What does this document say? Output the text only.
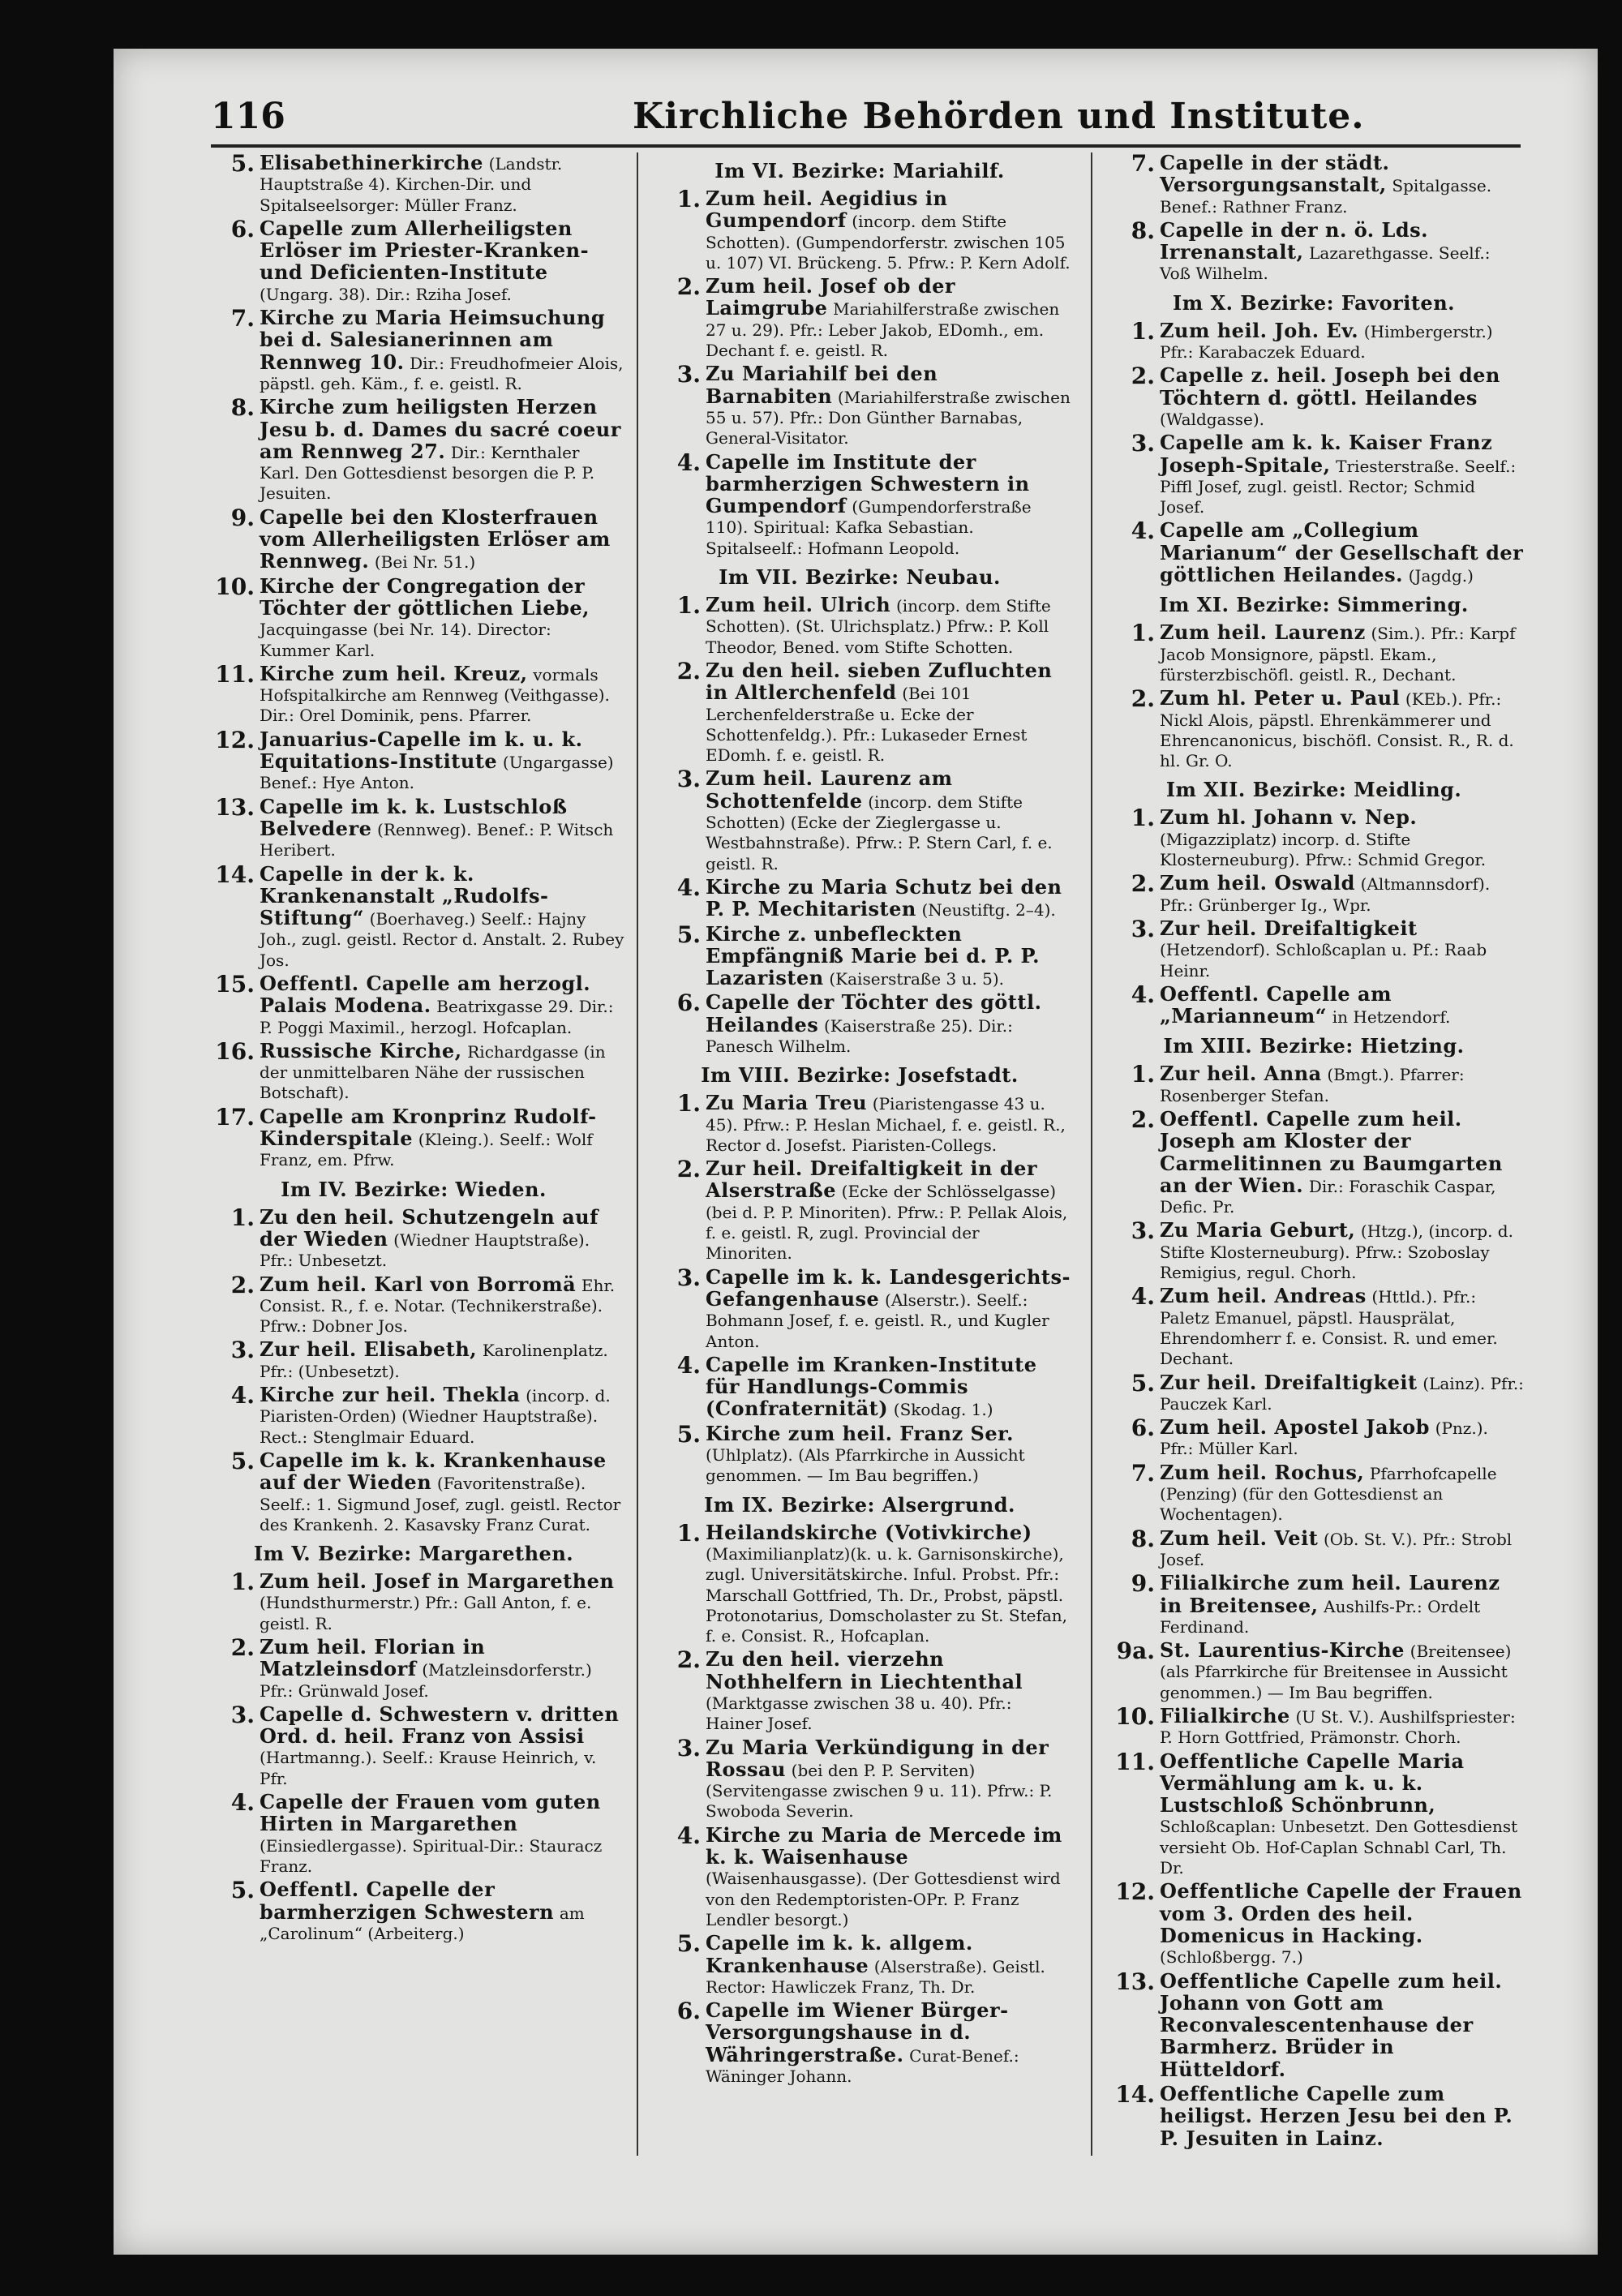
116	Kirchliche Behörden und Institute.
5. Elisabethinerkirche (Landstr. Hauptstraße 4). Kirchen-Dir. und Spitalseelsorger: Müller Franz.
6. Capelle zum Allerheiligsten Erlöser im Priester-Kranken- und Deficienten-Institute (Ungarg. 38). Dir.: Rziha Josef.
7. Kirche zu Maria Heimsuchung bei d. Salesianerinnen am Rennweg 10. Dir.: Freudhofmeier Alois, päpstl. geh. Käm., f. e. geistl. R.
8. Kirche zum heiligsten Herzen Jesu b. d. Dames du sacré coeur am Rennweg 27. Dir.: Kernthaler Karl. Den Gottesdienst besorgen die P. P. Jesuiten.
9. Capelle bei den Klosterfrauen vom Allerheiligsten Erlöser am Rennweg. (Bei Nr. 51.)
10. Kirche der Congregation der Töchter der göttlichen Liebe, Jacquingasse (bei Nr. 14). Director: Kummer Karl.
11. Kirche zum heil. Kreuz, vormals Hofspitalkirche am Rennweg (Veithgasse). Dir.: Orel Dominik, pens. Pfarrer.
12. Januarius-Capelle im k. u. k. Equitations-Institute (Ungargasse) Benef.: Hye Anton.
13. Capelle im k. k. Lustschloß Belvedere (Rennweg). Benef.: P. Witsch Heribert.
14. Capelle in der k. k. Krankenanstalt „Rudolfs-Stiftung“ (Boerhaveg.) Seelf.: Hajny Joh., zugl. geistl. Rector d. Anstalt. 2. Rubey Jos.
15. Oeffentl. Capelle am herzogl. Palais Modena. Beatrixgasse 29. Dir.: P. Poggi Maximil., herzogl. Hofcaplan.
16. Russische Kirche, Richardgasse (in der unmittelbaren Nähe der russischen Botschaft).
17. Capelle am Kronprinz Rudolf-Kinderspitale (Kleing.). Seelf.: Wolf Franz, em. Pfrw.
Im IV. Bezirke: Wieden.
1. Zu den heil. Schutzengeln auf der Wieden (Wiedner Hauptstraße). Pfr.: Unbesetzt.
2. Zum heil. Karl von Borromä Ehr. Consist. R., f. e. Notar. (Technikerstraße). Pfrw.: Dobner Jos.
3. Zur heil. Elisabeth, Karolinenplatz. Pfr.: (Unbesetzt).
4. Kirche zur heil. Thekla (incorp. d. Piaristen-Orden) (Wiedner Hauptstraße). Rect.: Stenglmair Eduard.
5. Capelle im k. k. Krankenhause auf der Wieden (Favoritenstraße). Seelf.: 1. Sigmund Josef, zugl. geistl. Rector des Krankenh. 2. Kasavsky Franz Curat.
Im V. Bezirke: Margarethen.
1. Zum heil. Josef in Margarethen (Hundsthurmerstr.) Pfr.: Gall Anton, f. e. geistl. R.
2. Zum heil. Florian in Matzleinsdorf (Matzleinsdorferstr.) Pfr.: Grünwald Josef.
3. Capelle d. Schwestern v. dritten Ord. d. heil. Franz von Assisi (Hartmanng.). Seelf.: Krause Heinrich, v. Pfr.
4. Capelle der Frauen vom guten Hirten in Margarethen (Einsiedlergasse). Spiritual-Dir.: Stauracz Franz.
5. Oeffentl. Capelle der barmherzigen Schwestern am „Carolinum“ (Arbeiterg.)
Im VI. Bezirke: Mariahilf.
1. Zum heil. Aegidius in Gumpendorf (incorp. dem Stifte Schotten). (Gumpendorferstr. zwischen 105 u. 107) VI. Brückeng. 5. Pfrw.: P. Kern Adolf.
2. Zum heil. Josef ob der Laimgrube Mariahilferstraße zwischen 27 u. 29). Pfr.: Leber Jakob, EDomh., em. Dechant f. e. geistl. R.
3. Zu Mariahilf bei den Barnabiten (Mariahilferstraße zwischen 55 u. 57). Pfr.: Don Günther Barnabas, General-Visitator.
4. Capelle im Institute der barmherzigen Schwestern in Gumpendorf (Gumpendorferstraße 110). Spiritual: Kafka Sebastian. Spitalseelf.: Hofmann Leopold.
Im VII. Bezirke: Neubau.
1. Zum heil. Ulrich (incorp. dem Stifte Schotten). (St. Ulrichsplatz.) Pfrw.: P. Koll Theodor, Bened. vom Stifte Schotten.
2. Zu den heil. sieben Zufluchten in Altlerchenfeld (Bei 101 Lerchenfelderstraße u. Ecke der Schottenfeldg.). Pfr.: Lukaseder Ernest EDomh. f. e. geistl. R.
3. Zum heil. Laurenz am Schottenfelde (incorp. dem Stifte Schotten) (Ecke der Zieglergasse u. Westbahnstraße). Pfrw.: P. Stern Carl, f. e. geistl. R.
4. Kirche zu Maria Schutz bei den P. P. Mechitaristen (Neustiftg. 2–4).
5. Kirche z. unbefleckten Empfängniß Marie bei d. P. P. Lazaristen (Kaiserstraße 3 u. 5).
6. Capelle der Töchter des göttl. Heilandes (Kaiserstraße 25). Dir.: Panesch Wilhelm.
Im VIII. Bezirke: Josefstadt.
1. Zu Maria Treu (Piaristengasse 43 u. 45). Pfrw.: P. Heslan Michael, f. e. geistl. R., Rector d. Josefst. Piaristen-Collegs.
2. Zur heil. Dreifaltigkeit in der Alserstraße (Ecke der Schlösselgasse) (bei d. P. P. Minoriten). Pfrw.: P. Pellak Alois, f. e. geistl. R, zugl. Provincial der Minoriten.
3. Capelle im k. k. Landesgerichts-Gefangenhause (Alserstr.). Seelf.: Bohmann Josef, f. e. geistl. R., und Kugler Anton.
4. Capelle im Kranken-Institute für Handlungs-Commis (Confraternität) (Skodag. 1.)
5. Kirche zum heil. Franz Ser. (Uhlplatz). (Als Pfarrkirche in Aussicht genommen. — Im Bau begriffen.)
Im IX. Bezirke: Alsergrund.
1. Heilandskirche (Votivkirche) (Maximilianplatz)(k. u. k. Garnisonskirche), zugl. Universitätskirche. Inful. Probst. Pfr.: Marschall Gottfried, Th. Dr., Probst, päpstl. Protonotarius, Domscholaster zu St. Stefan, f. e. Consist. R., Hofcaplan.
2. Zu den heil. vierzehn Nothhelfern in Liechtenthal (Marktgasse zwischen 38 u. 40). Pfr.: Hainer Josef.
3. Zu Maria Verkündigung in der Rossau (bei den P. P. Serviten) (Servitengasse zwischen 9 u. 11). Pfrw.: P. Swoboda Severin.
4. Kirche zu Maria de Mercede im k. k. Waisenhause (Waisenhausgasse). (Der Gottesdienst wird von den Redemptoristen-OPr. P. Franz Lendler besorgt.)
5. Capelle im k. k. allgem. Krankenhause (Alserstraße). Geistl. Rector: Hawliczek Franz, Th. Dr.
6. Capelle im Wiener Bürger-Versorgungshause in d. Währingerstraße. Curat-Benef.: Wäninger Johann.
7. Capelle in der städt. Versorgungsanstalt, Spitalgasse. Benef.: Rathner Franz.
8. Capelle in der n. ö. Lds. Irrenanstalt, Lazarethgasse. Seelf.: Voß Wilhelm.
Im X. Bezirke: Favoriten.
1. Zum heil. Joh. Ev. (Himbergerstr.) Pfr.: Karabaczek Eduard.
2. Capelle z. heil. Joseph bei den Töchtern d. göttl. Heilandes (Waldgasse).
3. Capelle am k. k. Kaiser Franz Joseph-Spitale, Triesterstraße. Seelf.: Piffl Josef, zugl. geistl. Rector; Schmid Josef.
4. Capelle am „Collegium Marianum“ der Gesellschaft der göttlichen Heilandes. (Jagdg.)
Im XI. Bezirke: Simmering.
1. Zum heil. Laurenz (Sim.). Pfr.: Karpf Jacob Monsignore, päpstl. Ekam., fürsterzbischöfl. geistl. R., Dechant.
2. Zum hl. Peter u. Paul (KEb.). Pfr.: Nickl Alois, päpstl. Ehrenkämmerer und Ehrencanonicus, bischöfl. Consist. R., R. d. hl. Gr. O.
Im XII. Bezirke: Meidling.
1. Zum hl. Johann v. Nep. (Migazziplatz) incorp. d. Stifte Klosterneuburg). Pfrw.: Schmid Gregor.
2. Zum heil. Oswald (Altmannsdorf). Pfr.: Grünberger Ig., Wpr.
3. Zur heil. Dreifaltigkeit (Hetzendorf). Schloßcaplan u. Pf.: Raab Heinr.
4. Oeffentl. Capelle am „Marianneum“ in Hetzendorf.
Im XIII. Bezirke: Hietzing.
1. Zur heil. Anna (Bmgt.). Pfarrer: Rosenberger Stefan.
2. Oeffentl. Capelle zum heil. Joseph am Kloster der Carmelitinnen zu Baumgarten an der Wien. Dir.: Foraschik Caspar, Defic. Pr.
3. Zu Maria Geburt, (Htzg.), (incorp. d. Stifte Klosterneuburg). Pfrw.: Szoboslay Remigius, regul. Chorh.
4. Zum heil. Andreas (Httld.). Pfr.: Paletz Emanuel, päpstl. Hausprälat, Ehrendomherr f. e. Consist. R. und emer. Dechant.
5. Zur heil. Dreifaltigkeit (Lainz). Pfr.: Pauczek Karl.
6. Zum heil. Apostel Jakob (Pnz.). Pfr.: Müller Karl.
7. Zum heil. Rochus, Pfarrhofcapelle (Penzing) (für den Gottesdienst an Wochentagen).
8. Zum heil. Veit (Ob. St. V.). Pfr.: Strobl Josef.
9. Filialkirche zum heil. Laurenz in Breitensee, Aushilfs-Pr.: Ordelt Ferdinand.
9a. St. Laurentius-Kirche (Breitensee) (als Pfarrkirche für Breitensee in Aussicht genommen.) — Im Bau begriffen.
10. Filialkirche (U St. V.). Aushilfspriester: P. Horn Gottfried, Prämonstr. Chorh.
11. Oeffentliche Capelle Maria Vermählung am k. u. k. Lustschloß Schönbrunn, Schloßcaplan: Unbesetzt. Den Gottesdienst versieht Ob. Hof-Caplan Schnabl Carl, Th. Dr.
12. Oeffentliche Capelle der Frauen vom 3. Orden des heil. Domenicus in Hacking. (Schloßbergg. 7.)
13. Oeffentliche Capelle zum heil. Johann von Gott am Reconvalescentenhause der Barmherz. Brüder in Hütteldorf.
14. Oeffentliche Capelle zum heiligst. Herzen Jesu bei den P. P. Jesuiten in Lainz.
